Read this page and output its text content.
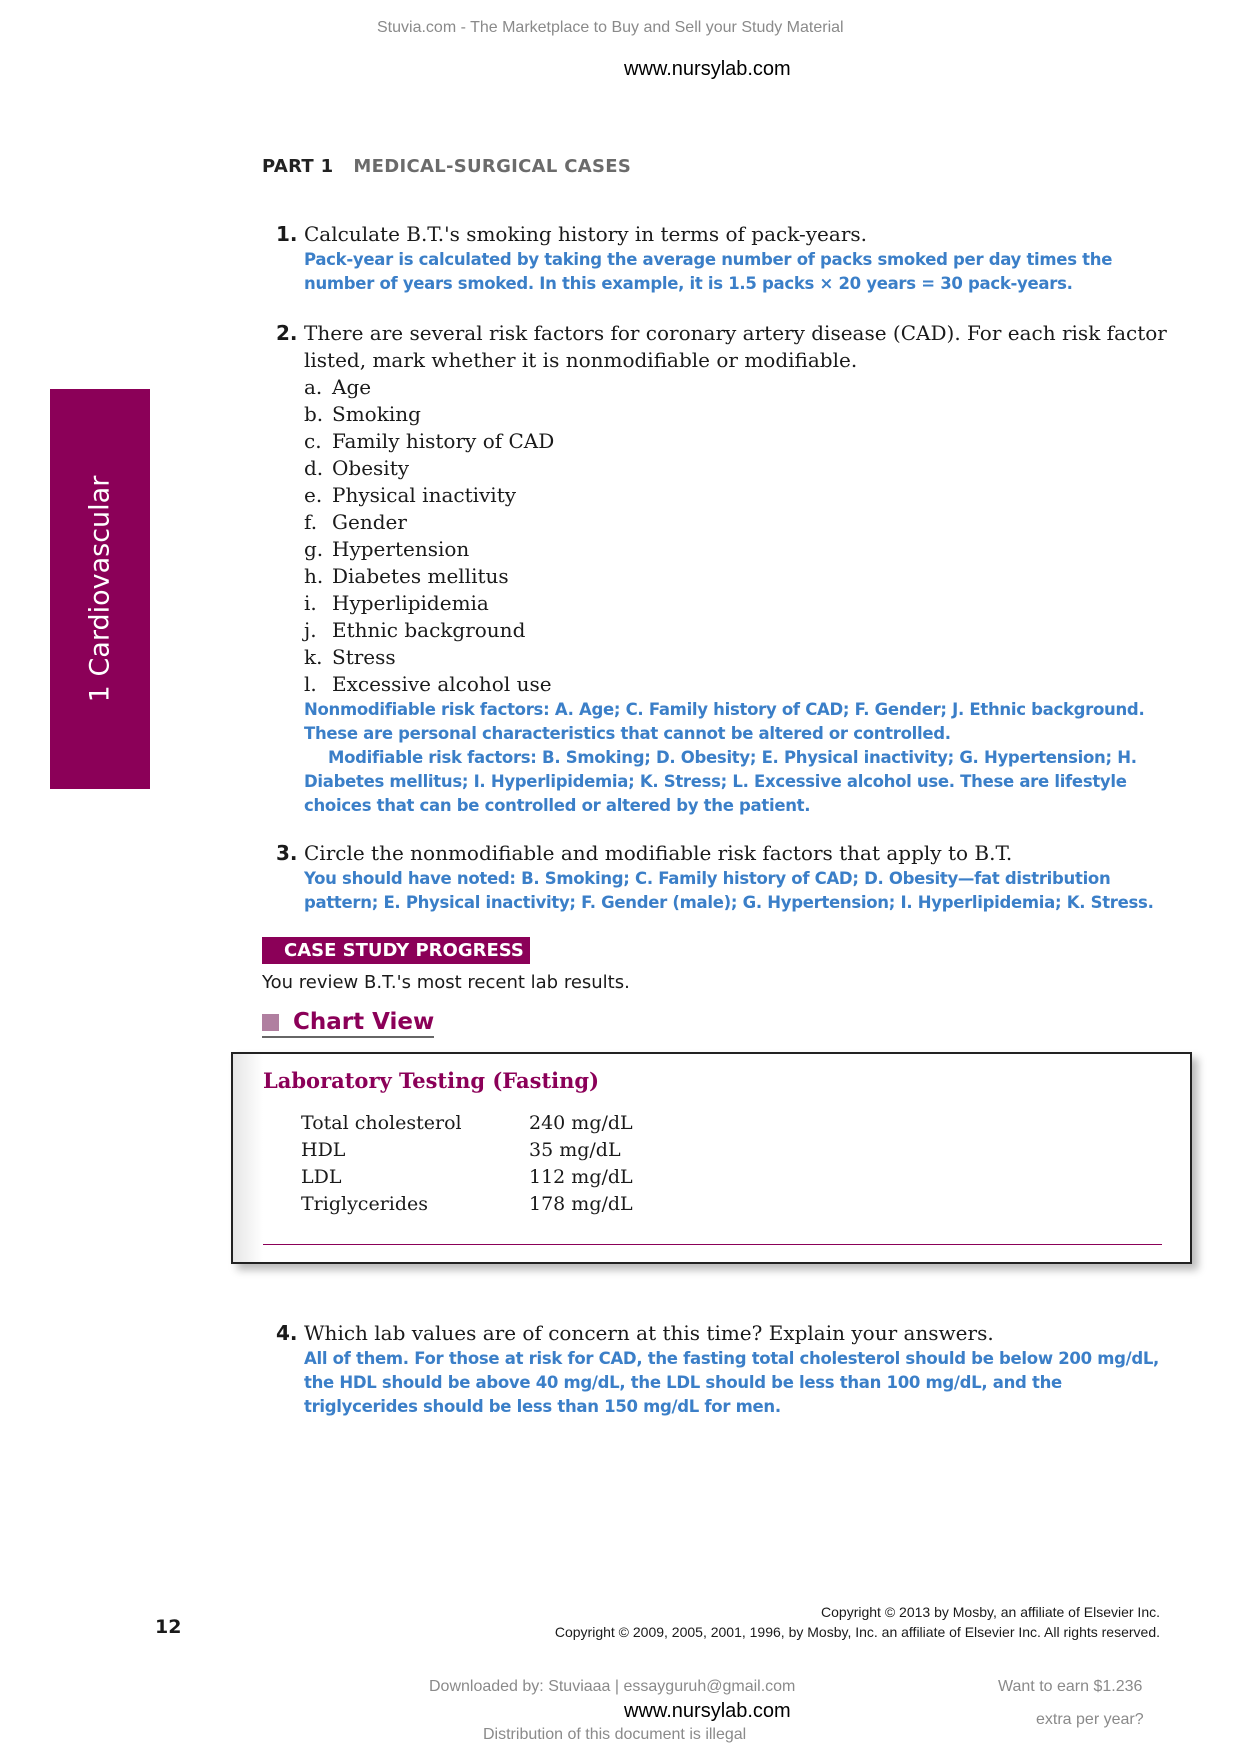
Stuvia.com - The Marketplace to Buy and Sell your Study Material
www.nursylab.com
PART 1 MEDICAL-SURGICAL CASES
1 Cardiovascular
1. Calculate B.T.'s smoking history in terms of pack-years.
Pack-year is calculated by taking the average number of packs smoked per day times the number of years smoked. In this example, it is 1.5 packs × 20 years = 30 pack-years.
2. There are several risk factors for coronary artery disease (CAD). For each risk factor listed, mark whether it is nonmodifiable or modifiable.
a. Age
b. Smoking
c. Family history of CAD
d. Obesity
e. Physical inactivity
f. Gender
g. Hypertension
h. Diabetes mellitus
i. Hyperlipidemia
j. Ethnic background
k. Stress
l. Excessive alcohol use
Nonmodifiable risk factors: A. Age; C. Family history of CAD; F. Gender; J. Ethnic background. These are personal characteristics that cannot be altered or controlled.
Modifiable risk factors: B. Smoking; D. Obesity; E. Physical inactivity; G. Hypertension; H. Diabetes mellitus; I. Hyperlipidemia; K. Stress; L. Excessive alcohol use. These are lifestyle choices that can be controlled or altered by the patient.
3. Circle the nonmodifiable and modifiable risk factors that apply to B.T.
You should have noted: B. Smoking; C. Family history of CAD; D. Obesity—fat distribution pattern; E. Physical inactivity; F. Gender (male); G. Hypertension; I. Hyperlipidemia; K. Stress.
CASE STUDY PROGRESS
You review B.T.'s most recent lab results.
Chart View
Laboratory Testing (Fasting)
Total cholesterol	240 mg/dL
HDL	35 mg/dL
LDL	112 mg/dL
Triglycerides	178 mg/dL
4. Which lab values are of concern at this time? Explain your answers.
All of them. For those at risk for CAD, the fasting total cholesterol should be below 200 mg/dL, the HDL should be above 40 mg/dL, the LDL should be less than 100 mg/dL, and the triglycerides should be less than 150 mg/dL for men.
12
Copyright © 2013 by Mosby, an affiliate of Elsevier Inc.
Copyright © 2009, 2005, 2001, 1996, by Mosby, Inc. an affiliate of Elsevier Inc. All rights reserved.
Downloaded by: Stuviaaa | essayguruh@gmail.com
www.nursylab.com
Distribution of this document is illegal
Want to earn $1.236
extra per year?
